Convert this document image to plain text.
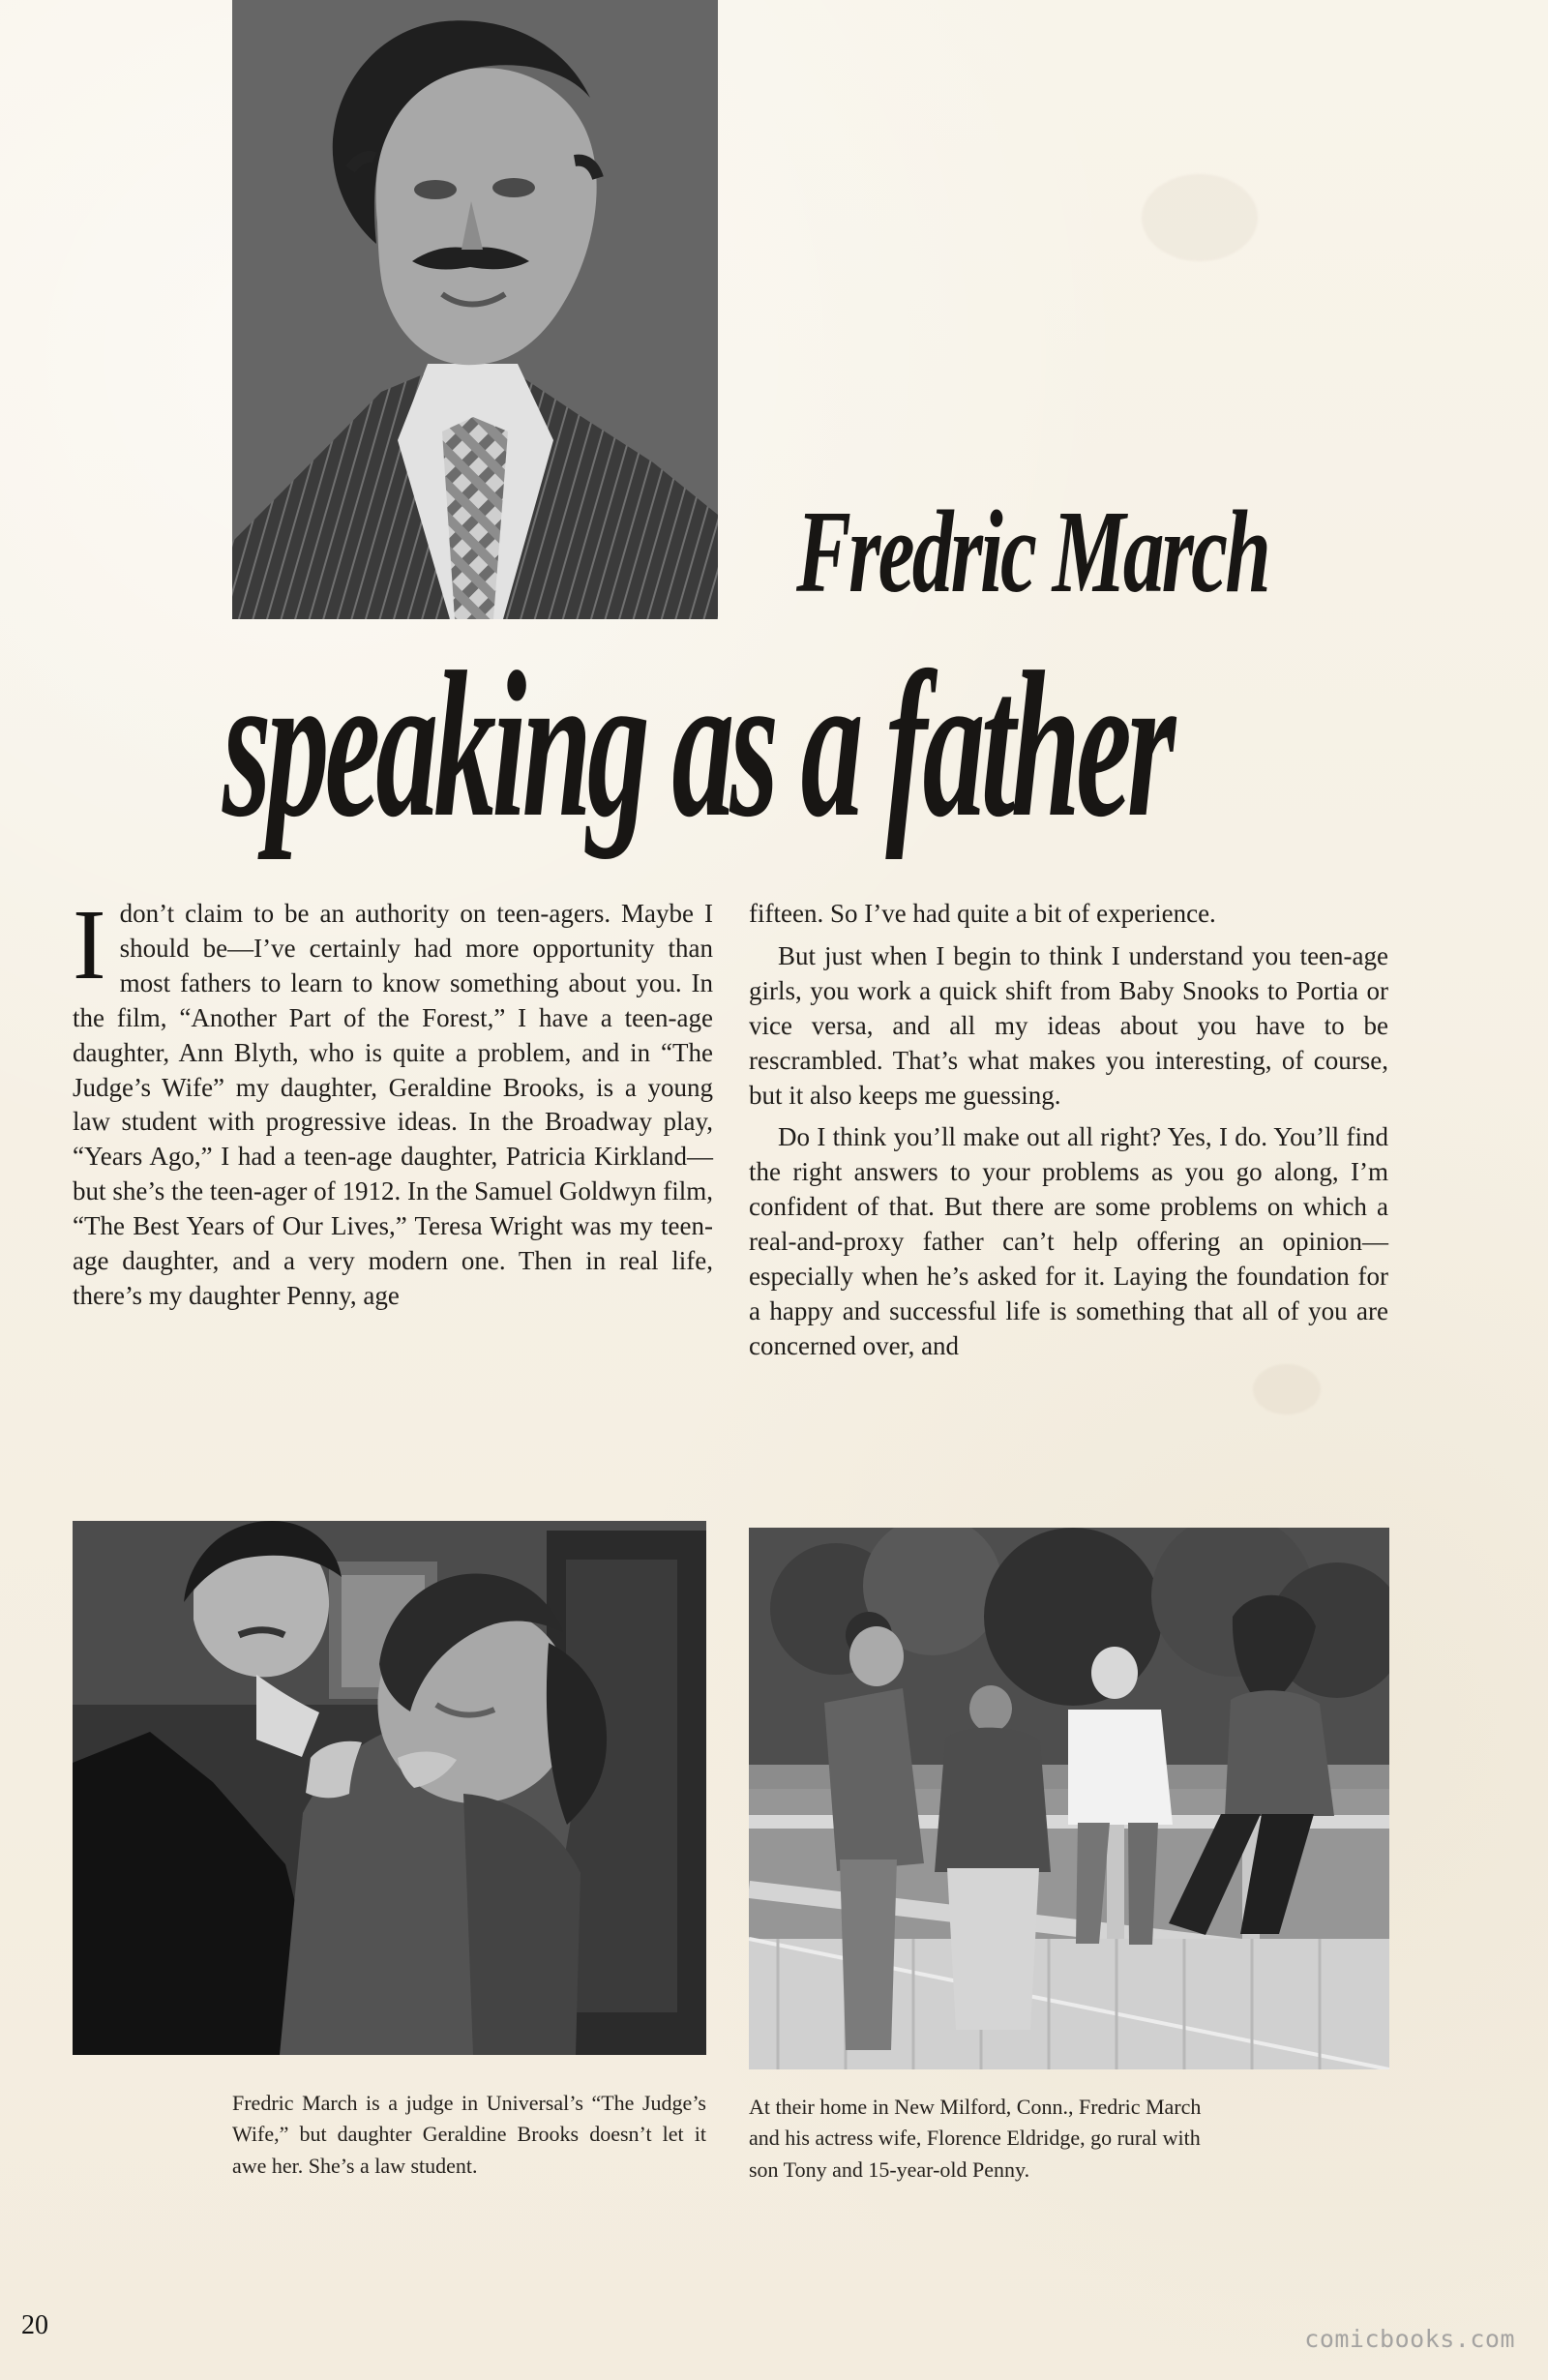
Fredric March
speaking as a father

I don’t claim to be an authority on teen-agers. Maybe I should be—I’ve certainly had more opportunity than most fathers to learn to know something about you. In the film, “Another Part of the Forest,” I have a teen-age daughter, Ann Blyth, who is quite a problem, and in “The Judge’s Wife” my daughter, Geraldine Brooks, is a young law student with progressive ideas. In the Broadway play, “Years Ago,” I had a teen-age daughter, Patricia Kirkland—but she’s the teen-ager of 1912. In the Samuel Goldwyn film, “The Best Years of Our Lives,” Teresa Wright was my teen-age daughter, and a very modern one. Then in real life, there’s my daughter Penny, age

fifteen. So I’ve had quite a bit of experience.

But just when I begin to think I understand you teen-age girls, you work a quick shift from Baby Snooks to Portia or vice versa, and all my ideas about you have to be rescrambled. That’s what makes you interesting, of course, but it also keeps me guessing.

Do I think you’ll make out all right? Yes, I do. You’ll find the right answers to your problems as you go along, I’m confident of that. But there are some problems on which a real-and-proxy father can’t help offering an opinion—especially when he’s asked for it. Laying the foundation for a happy and successful life is something that all of you are concerned over, and

Fredric March is a judge in Universal’s “The Judge’s Wife,” but daughter Geraldine Brooks doesn’t let it awe her. She’s a law student.
At their home in New Milford, Conn., Fredric March and his actress wife, Florence Eldridge, go rural with son Tony and 15-year-old Penny.
20	comicbooks.com
